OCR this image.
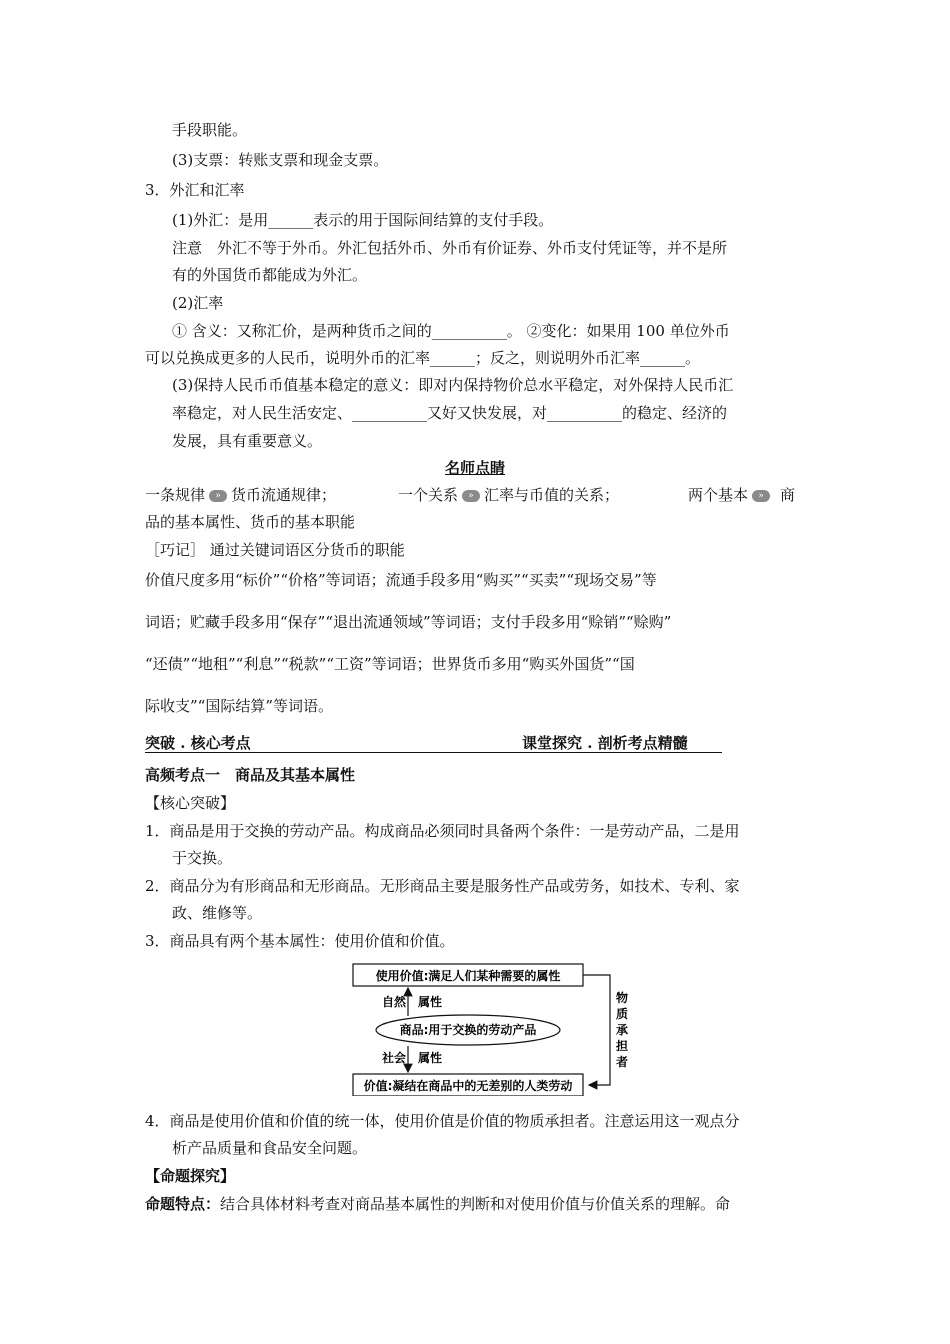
手段职能。
(3)支票：转账支票和现金支票。
3．外汇和汇率
(1)外汇：是用______表示的用于国际间结算的支付手段。
注意　外汇不等于外币。外汇包括外币、外币有价证券、外币支付凭证等，并不是所
有的外国货币都能成为外汇。
(2)汇率
① 含义：又称汇价，是两种货币之间的__________。 ②变化：如果用 100 单位外币
可以兑换成更多的人民币，说明外币的汇率______；反之，则说明外币汇率______。
(3)保持人民币币值基本稳定的意义：即对内保持物价总水平稳定，对外保持人民币汇
率稳定，对人民生活安定、__________又好又快发展，对__________的稳定、经济的
发展，具有重要意义。
名师点睛
一条规律 » 货币流通规律；	一个关系 » 汇率与币值的关系；	两个基本 » 商
品的基本属性、货币的基本职能
［巧记］ 通过关键词语区分货币的职能
价值尺度多用“标价”“价格”等词语；流通手段多用“购买”“买卖”“现场交易”等
词语；贮藏手段多用“保存”“退出流通领域”等词语；支付手段多用“赊销”“赊购”
“还债”“地租”“利息”“税款”“工资”等词语；世界货币多用“购买外国货”“国
际收支”“国际结算”等词语。
突破 . 核心考点	课堂探究 . 剖析考点精髓
高频考点一　商品及其基本属性
【核心突破】
1．商品是用于交换的劳动产品。构成商品必须同时具备两个条件：一是劳动产品，二是用
于交换。
2．商品分为有形商品和无形商品。无形商品主要是服务性产品或劳务，如技术、专利、家
政、维修等。
3．商品具有两个基本属性：使用价值和价值。
使用价值:满足人们某种需要的属性
自然 属性
商品:用于交换的劳动产品
社会 属性
价值:凝结在商品中的无差别的人类劳动
物
质
承
担
者
4．商品是使用价值和价值的统一体，使用价值是价值的物质承担者。注意运用这一观点分
析产品质量和食品安全问题。
【命题探究】
命题特点：结合具体材料考查对商品基本属性的判断和对使用价值与价值关系的理解。命
